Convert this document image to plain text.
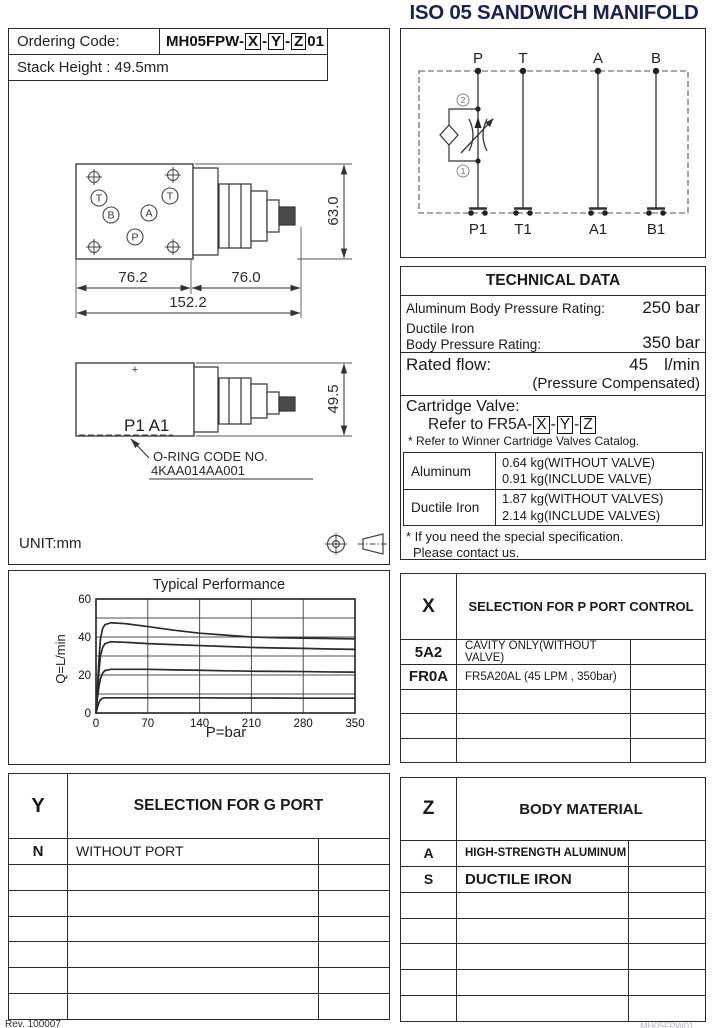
ISO 05 SANDWICH MANIFOLD
Ordering Code:	MH05FPW- X - Y - Z 01
Stack Height : 49.5mm
T	T
B	A
P
63.0
76.2	76.0
152.2
+
P1 A1
49.5
O-RING CODE NO.
4KAA014AA001
UNIT:mm
P T	A	B
P1 T1	A1	B1
2
1
TECHNICAL DATA
Aluminum Body Pressure Rating: 250 bar
Ductile Iron
Body Pressure Rating:	350 bar
Rated flow:	45 l/min
(Pressure Compensated)
Cartridge Valve:
Refer to FR5A- X - Y - Z
* Refer to Winner Cartridge Valves Catalog.
Aluminum
0.64 kg(WITHOUT VALVE)
0.91 kg(INCLUDE VALVE)
Ductile Iron
1.87 kg(WITHOUT VALVES)
2.14 kg(INCLUDE VALVES)
* If you need the special specification.
Please contact us.
Typical Performance
Q=L/min
0	70	140	210	280	350
0
20
40
60
P=bar
X	SELECTION FOR P PORT CONTROL
5A2	CAVITY ONLY(WITHOUT VALVE)
FR0A	FR5A20AL (45 LPM , 350bar)
Y	SELECTION FOR G PORT
N	WITHOUT PORT
Z	BODY MATERIAL
A	HIGH-STRENGTH ALUMINUM
S	DUCTILE IRON
Rev. 100007	MH05FPW01
